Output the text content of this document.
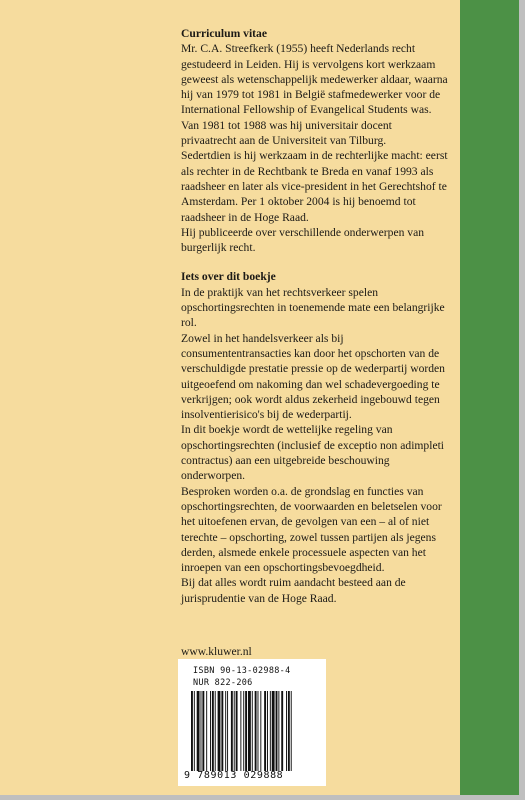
Curriculum vitae

Mr. C.A. Streefkerk (1955) heeft Nederlands recht gestudeerd in Leiden. Hij is vervolgens kort werkzaam geweest als wetenschappelijk medewerker aldaar, waarna hij van 1979 tot 1981 in België stafmedewerker voor de International Fellowship of Evangelical Students was.

Van 1981 tot 1988 was hij universitair docent privaatrecht aan de Universiteit van Tilburg.

Sedertdien is hij werkzaam in de rechterlijke macht: eerst als rechter in de Rechtbank te Breda en vanaf 1993 als raadsheer en later als vice-president in het Gerechtshof te Amsterdam. Per 1 oktober 2004 is hij benoemd tot raadsheer in de Hoge Raad.

Hij publiceerde over verschillende onderwerpen van burgerlijk recht.

Iets over dit boekje

In de praktijk van het rechtsverkeer spelen opschortingsrechten in toenemende mate een belangrijke rol.

Zowel in het handelsverkeer als bij consumententransacties kan door het opschorten van de verschuldigde prestatie pressie op de wederpartij worden uitgeoefend om nakoming dan wel schadevergoeding te verkrijgen; ook wordt aldus zekerheid ingebouwd tegen insolventierisico's bij de wederpartij.

In dit boekje wordt de wettelijke regeling van opschortingsrechten (inclusief de exceptio non adimpleti contractus) aan een uitgebreide beschouwing onderworpen.

Besproken worden o.a. de grondslag en functies van opschortingsrechten, de voorwaarden en beletselen voor het uitoefenen ervan, de gevolgen van een – al of niet terechte – opschorting, zowel tussen partijen als jegens derden, alsmede enkele processuele aspecten van het inroepen van een opschortingsbevoegdheid.

Bij dat alles wordt ruim aandacht besteed aan de jurisprudentie van de Hoge Raad.

www.kluwer.nl
ISBN 90-13-02988-4
NUR 822-206
9 789013 029888
